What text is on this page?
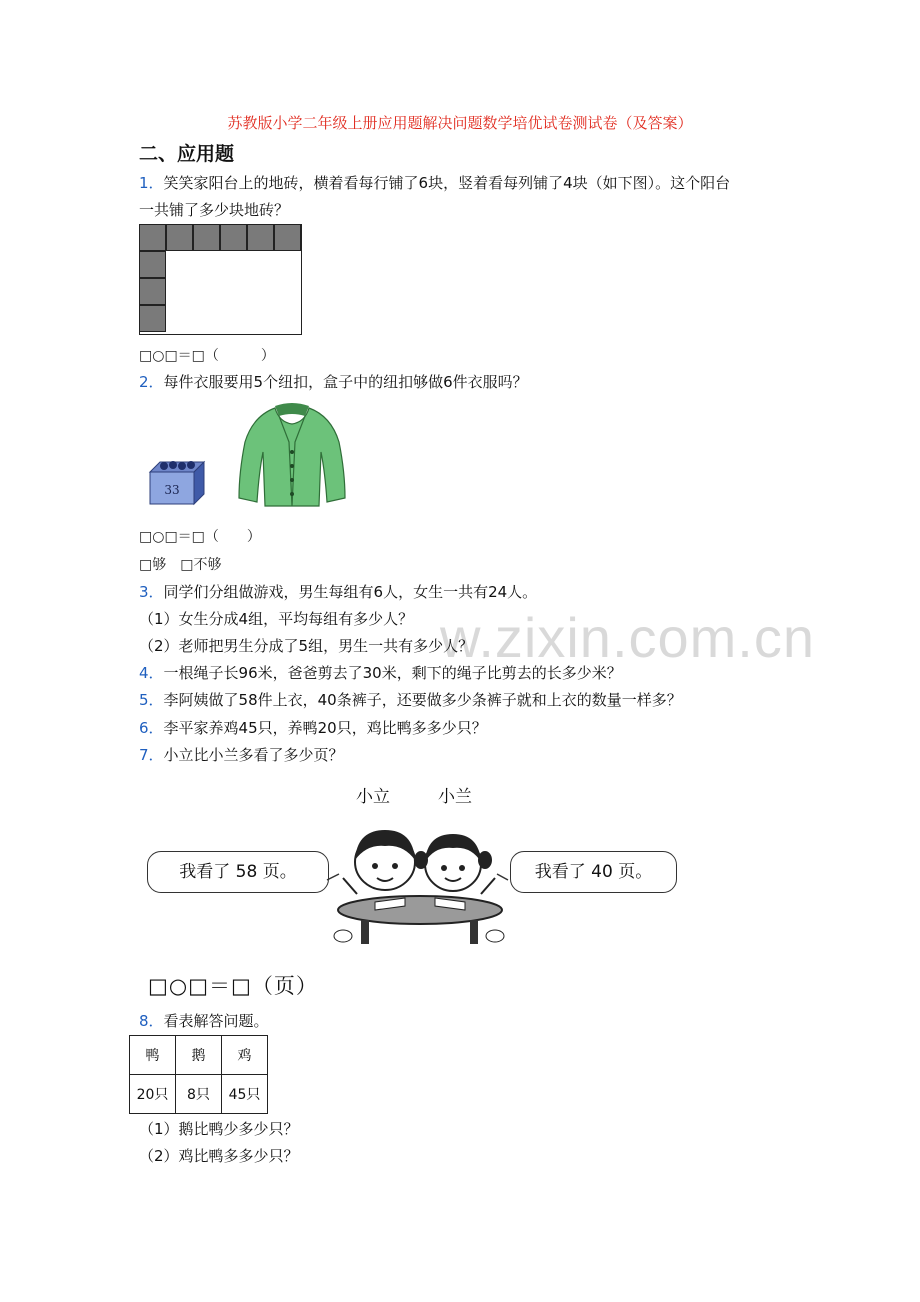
苏教版小学二年级上册应用题解决问题数学培优试卷测试卷（及答案）
二、应用题
w.zixin.com.cn
1．笑笑家阳台上的地砖，横着看每行铺了6块，竖着看每列铺了4块（如下图）。这个阳台
一共铺了多少块地砖？
□○□＝□（　　　）
2．每件衣服要用5个纽扣，盒子中的纽扣够做6件衣服吗？
33
□○□＝□（　　）
□够　□不够
3．同学们分组做游戏，男生每组有6人，女生一共有24人。
（1）女生分成4组，平均每组有多少人？
（2）老师把男生分成了5组，男生一共有多少人？
4．一根绳子长96米，爸爸剪去了30米，剩下的绳子比剪去的长多少米？
5．李阿姨做了58件上衣，40条裤子，还要做多少条裤子就和上衣的数量一样多？
6．李平家养鸡45只，养鸭20只，鸡比鸭多多少只？
7．小立比小兰多看了多少页？
小立	小兰
我看了 58 页。	我看了 40 页。
□○□＝□（页）
8．看表解答问题。
鸭	鹅	鸡
20只	8只	45只
（1）鹅比鸭少多少只？
（2）鸡比鸭多多少只？
